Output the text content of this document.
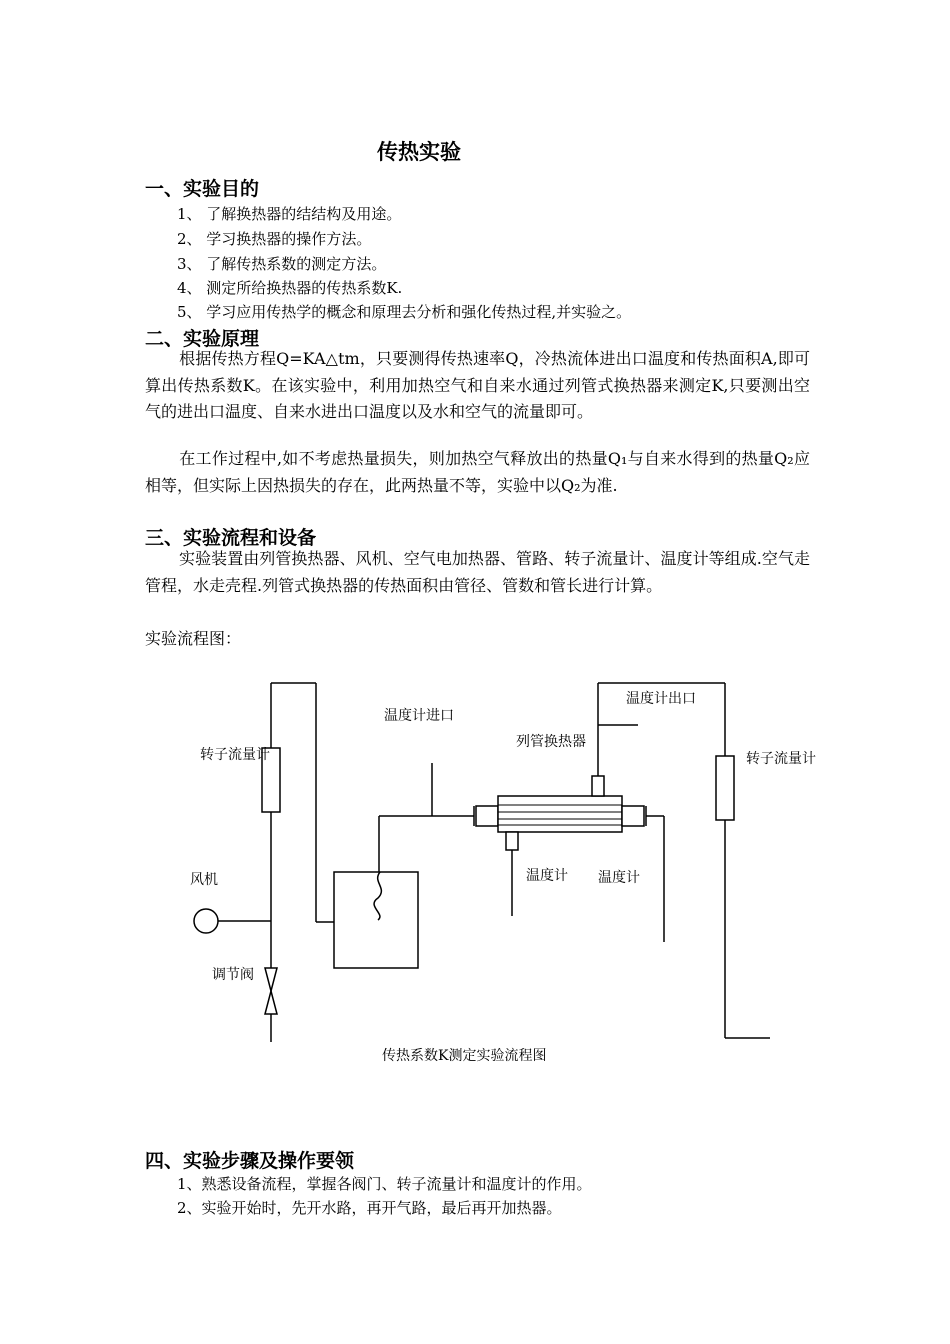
传热实验
一、实验目的
1、 了解换热器的结结构及用途。
2、 学习换热器的操作方法。
3、 了解传热系数的测定方法。
4、 测定所给换热器的传热系数K.
5、 学习应用传热学的概念和原理去分析和强化传热过程,并实验之。
二、实验原理
根据传热方程Q=KA△tm，只要测得传热速率Q，冷热流体进出口温度和传热面积A,即可算出传热系数K。在该实验中，利用加热空气和自来水通过列管式换热器来测定K,只要测出空气的进出口温度、自来水进出口温度以及水和空气的流量即可。
在工作过程中,如不考虑热量损失，则加热空气释放出的热量Q₁与自来水得到的热量Q₂应相等，但实际上因热损失的存在，此两热量不等，实验中以Q₂为准.
三、实验流程和设备
实验装置由列管换热器、风机、空气电加热器、管路、转子流量计、温度计等组成.空气走管程，水走壳程.列管式换热器的传热面积由管径、管数和管长进行计算。
实验流程图：
转子流量计
风机
调节阀
温度计进口
温度计出口
列管换热器
温度计 温度计
转子流量计
传热系数K测定实验流程图
四、实验步骤及操作要领
1、熟悉设备流程，掌握各阀门、转子流量计和温度计的作用。
2、实验开始时，先开水路，再开气路，最后再开加热器。
